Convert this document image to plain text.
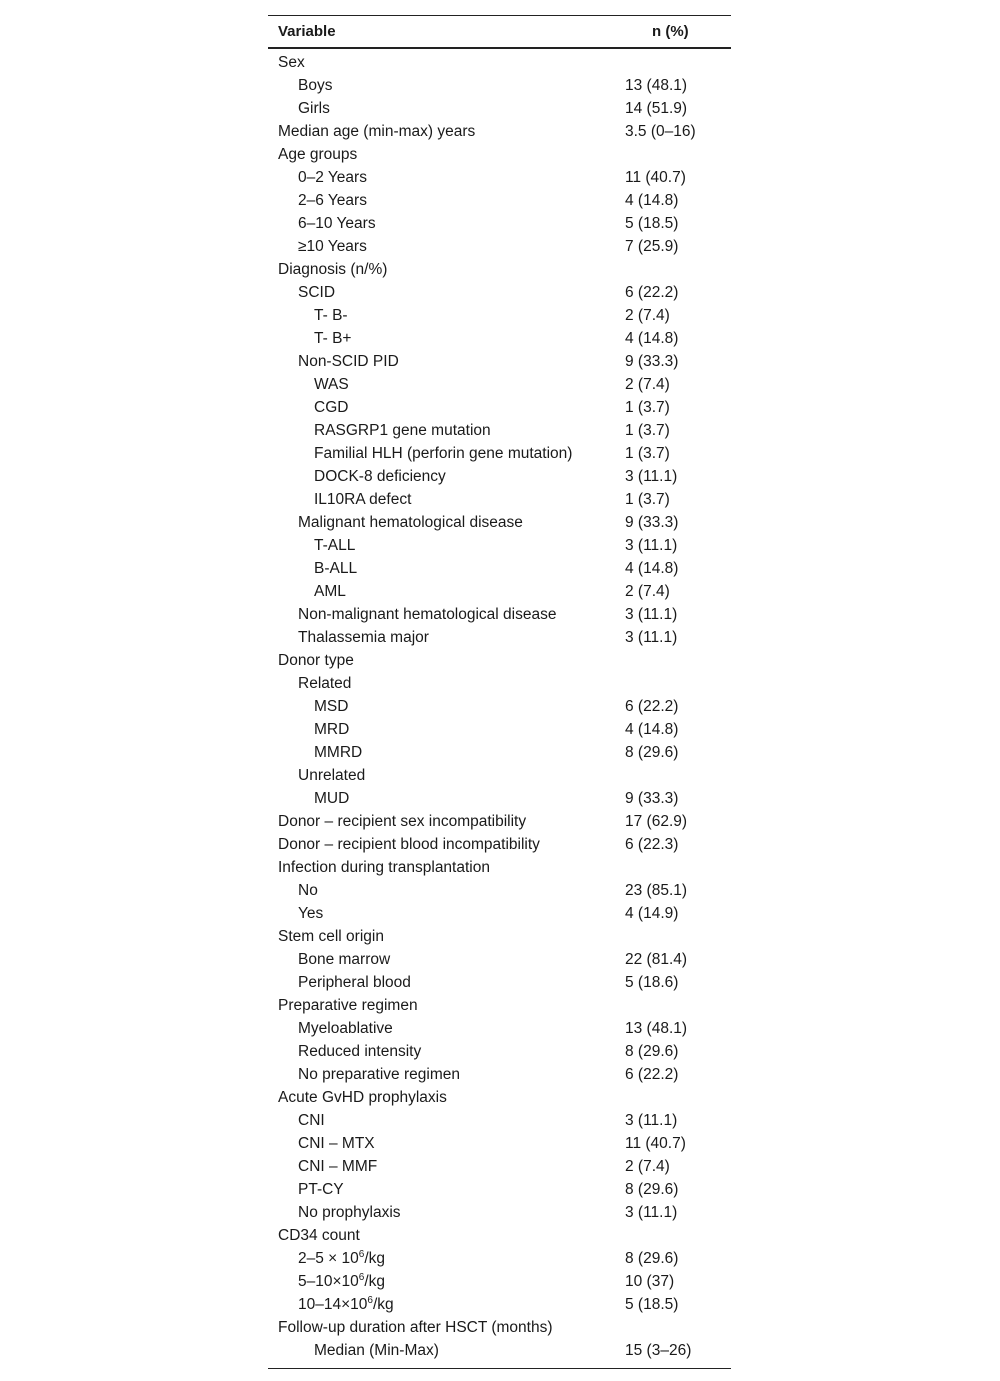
Variable	n (%)
Sex
Boys	13 (48.1)
Girls	14 (51.9)
Median age (min-max) years	3.5 (0–16)
Age groups
0–2 Years	11 (40.7)
2–6 Years	4 (14.8)
6–10 Years	5 (18.5)
≥10 Years	7 (25.9)
Diagnosis (n/%)
SCID	6 (22.2)
T- B-	2 (7.4)
T- B+	4 (14.8)
Non-SCID PID	9 (33.3)
WAS	2 (7.4)
CGD	1 (3.7)
RASGRP1 gene mutation	1 (3.7)
Familial HLH (perforin gene mutation)	1 (3.7)
DOCK-8 deficiency	3 (11.1)
IL10RA defect	1 (3.7)
Malignant hematological disease	9 (33.3)
T-ALL	3 (11.1)
B-ALL	4 (14.8)
AML	2 (7.4)
Non-malignant hematological disease	3 (11.1)
Thalassemia major	3 (11.1)
Donor type
Related
MSD	6 (22.2)
MRD	4 (14.8)
MMRD	8 (29.6)
Unrelated
MUD	9 (33.3)
Donor – recipient sex incompatibility	17 (62.9)
Donor – recipient blood incompatibility	6 (22.3)
Infection during transplantation
No	23 (85.1)
Yes	4 (14.9)
Stem cell origin
Bone marrow	22 (81.4)
Peripheral blood	5 (18.6)
Preparative regimen
Myeloablative	13 (48.1)
Reduced intensity	8 (29.6)
No preparative regimen	6 (22.2)
Acute GvHD prophylaxis
CNI	3 (11.1)
CNI – MTX	11 (40.7)
CNI – MMF	2 (7.4)
PT-CY	8 (29.6)
No prophylaxis	3 (11.1)
CD34 count
$2-5 \times 10^6/kg$	8 (29.6)
$5-10\times 10^6/kg$	10 (37)
$10-14\times 10^6/kg$	5 (18.5)
Follow-up duration after HSCT (months)
Median (Min-Max)	15 (3–26)
